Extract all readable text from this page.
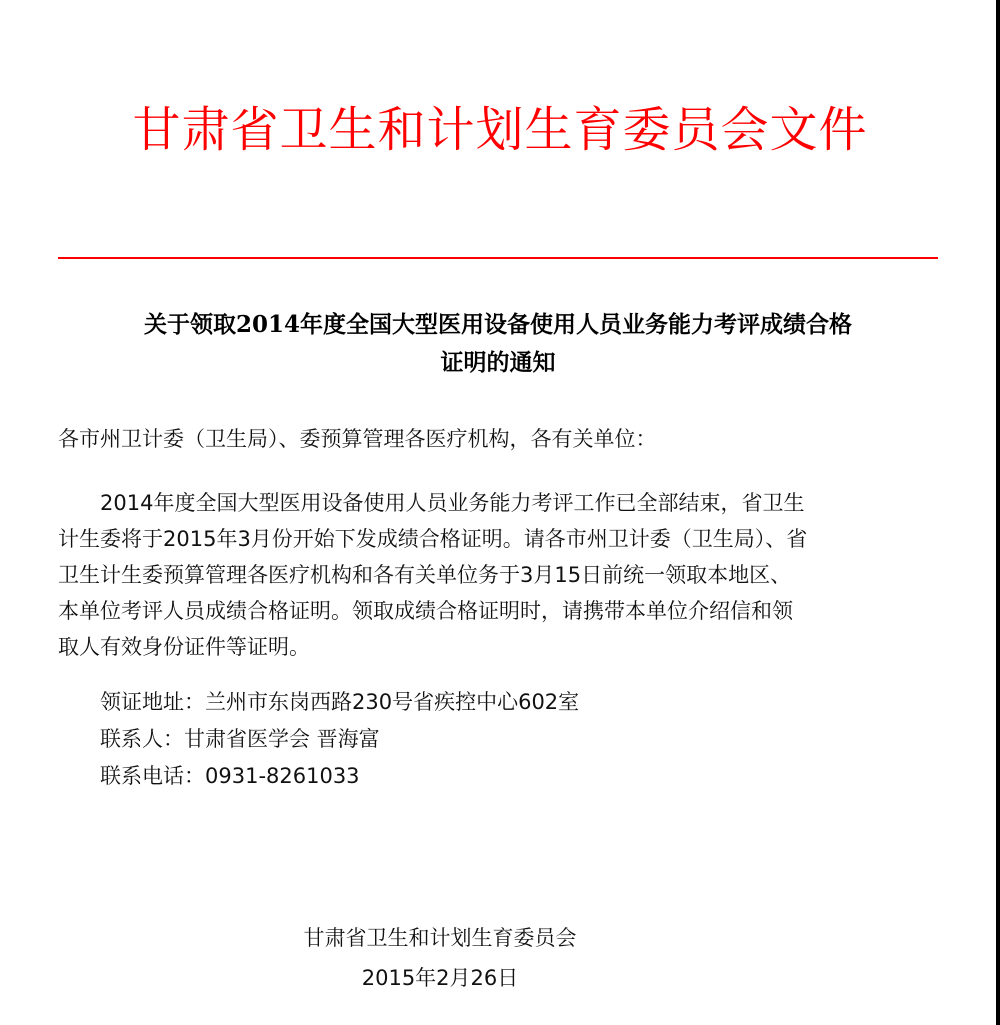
甘肃省卫生和计划生育委员会文件
关于领取2014年度全国大型医用设备使用人员业务能力考评成绩合格
证明的通知
各市州卫计委（卫生局）、委预算管理各医疗机构，各有关单位：
2014年度全国大型医用设备使用人员业务能力考评工作已全部结束，省卫生
计生委将于2015年3月份开始下发成绩合格证明。请各市州卫计委（卫生局）、省
卫生计生委预算管理各医疗机构和各有关单位务于3月15日前统一领取本地区、
本单位考评人员成绩合格证明。领取成绩合格证明时，请携带本单位介绍信和领
取人有效身份证件等证明。
领证地址：兰州市东岗西路230号省疾控中心602室
联系人：甘肃省医学会 晋海富
联系电话：0931-8261033
甘肃省卫生和计划生育委员会
2015年2月26日
